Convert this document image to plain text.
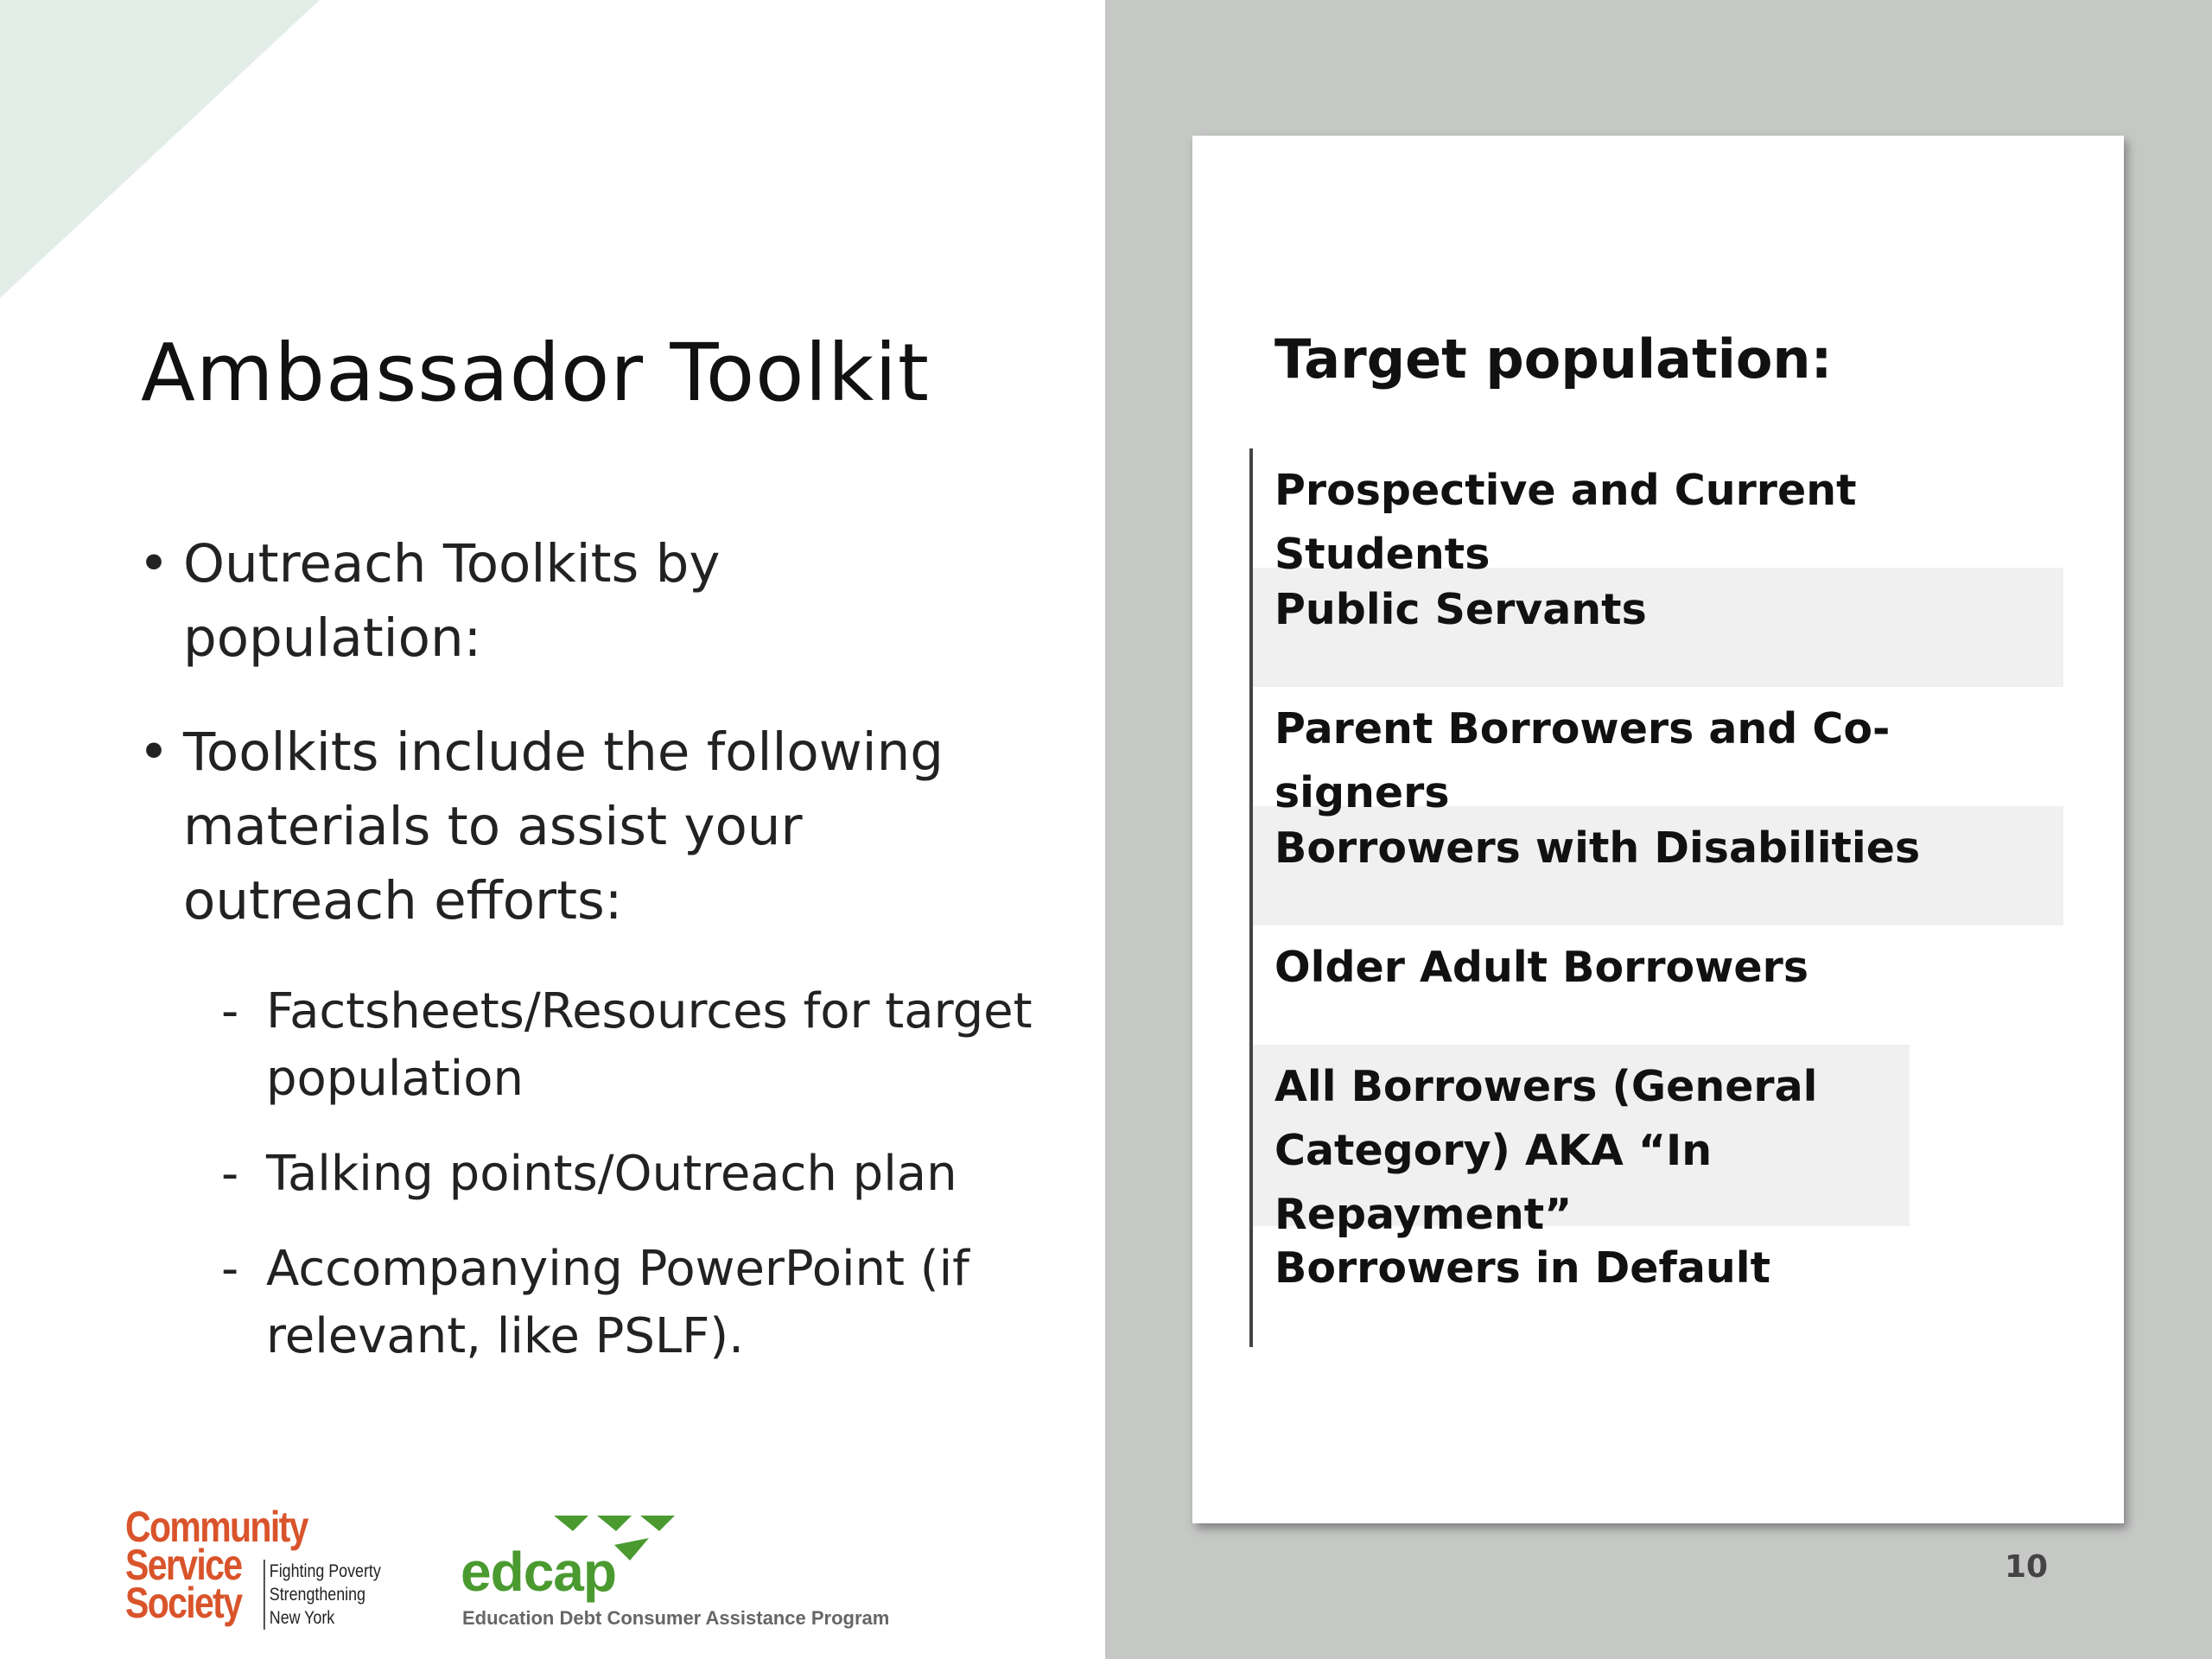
Ambassador Toolkit
• Outreach Toolkits by population:
• Toolkits include the following materials to assist your outreach efforts:
- Factsheets/Resources for target population
- Talking points/Outreach plan
- Accompanying PowerPoint (if relevant, like PSLF).
Target population:
Prospective and Current Students
Public Servants
Parent Borrowers and Co-signers
Borrowers with Disabilities
Older Adult Borrowers
All Borrowers (General Category) AKA “In Repayment”
Borrowers in Default
10
Community
Service
Society
Fighting Poverty
Strengthening
New York
edcap
Education Debt Consumer Assistance Program
